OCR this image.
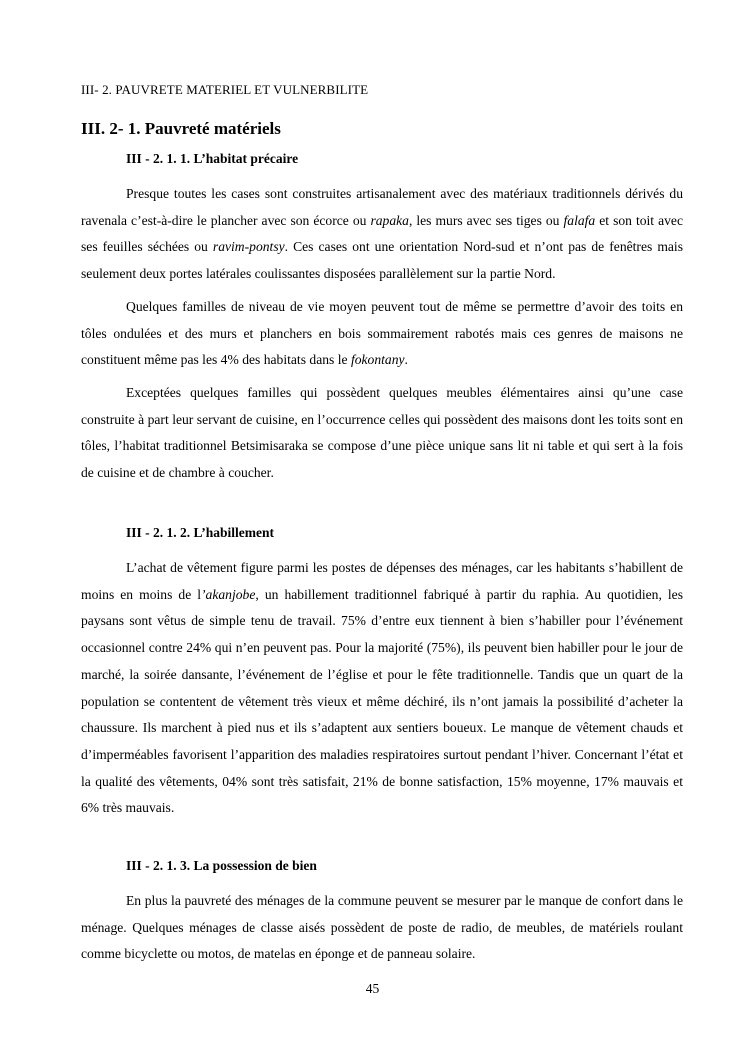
III- 2. PAUVRETE MATERIEL ET VULNERBILITE
III. 2- 1. Pauvreté matériels
III - 2. 1. 1. L’habitat précaire

Presque toutes les cases sont construites artisanalement avec des matériaux traditionnels dérivés du ravenala c’est-à-dire le plancher avec son écorce ou rapaka, les murs avec ses tiges ou falafa et son toit avec ses feuilles séchées ou ravim-pontsy. Ces cases ont une orientation Nord-sud et n’ont pas de fenêtres mais seulement deux portes latérales coulissantes disposées parallèlement sur la partie Nord.

Quelques familles de niveau de vie moyen peuvent tout de même se permettre d’avoir des toits en tôles ondulées et des murs et planchers en bois sommairement rabotés mais ces genres de maisons ne constituent même pas les 4% des habitats dans le fokontany.

Exceptées quelques familles qui possèdent quelques meubles élémentaires ainsi qu’une case construite à part leur servant de cuisine, en l’occurrence celles qui possèdent des maisons dont les toits sont en tôles, l’habitat traditionnel Betsimisaraka se compose d’une pièce unique sans lit ni table et qui sert à la fois de cuisine et de chambre à coucher.

III - 2. 1. 2. L’habillement

L’achat de vêtement figure parmi les postes de dépenses des ménages, car les habitants s’habillent de moins en moins de l’akanjobe, un habillement traditionnel fabriqué à partir du raphia. Au quotidien, les paysans sont vêtus de simple tenu de travail. 75% d’entre eux tiennent à bien s’habiller pour l’événement occasionnel contre 24% qui n’en peuvent pas. Pour la majorité (75%), ils peuvent bien habiller pour le jour de marché, la soirée dansante, l’événement de l’église et pour le fête traditionnelle. Tandis que un quart de la population se contentent de vêtement très vieux et même déchiré, ils n’ont jamais la possibilité d’acheter la chaussure. Ils marchent à pied nus et ils s’adaptent aux sentiers boueux. Le manque de vêtement chauds et d’imperméables favorisent l’apparition des maladies respiratoires surtout pendant l’hiver. Concernant l’état et la qualité des vêtements, 04% sont très satisfait, 21% de bonne satisfaction, 15% moyenne, 17% mauvais et 6% très mauvais.

III - 2. 1. 3. La possession de bien

En plus la pauvreté des ménages de la commune peuvent se mesurer par le manque de confort dans le ménage. Quelques ménages de classe aisés possèdent de poste de radio, de meubles, de matériels roulant comme bicyclette ou motos, de matelas en éponge et de panneau solaire.

45
